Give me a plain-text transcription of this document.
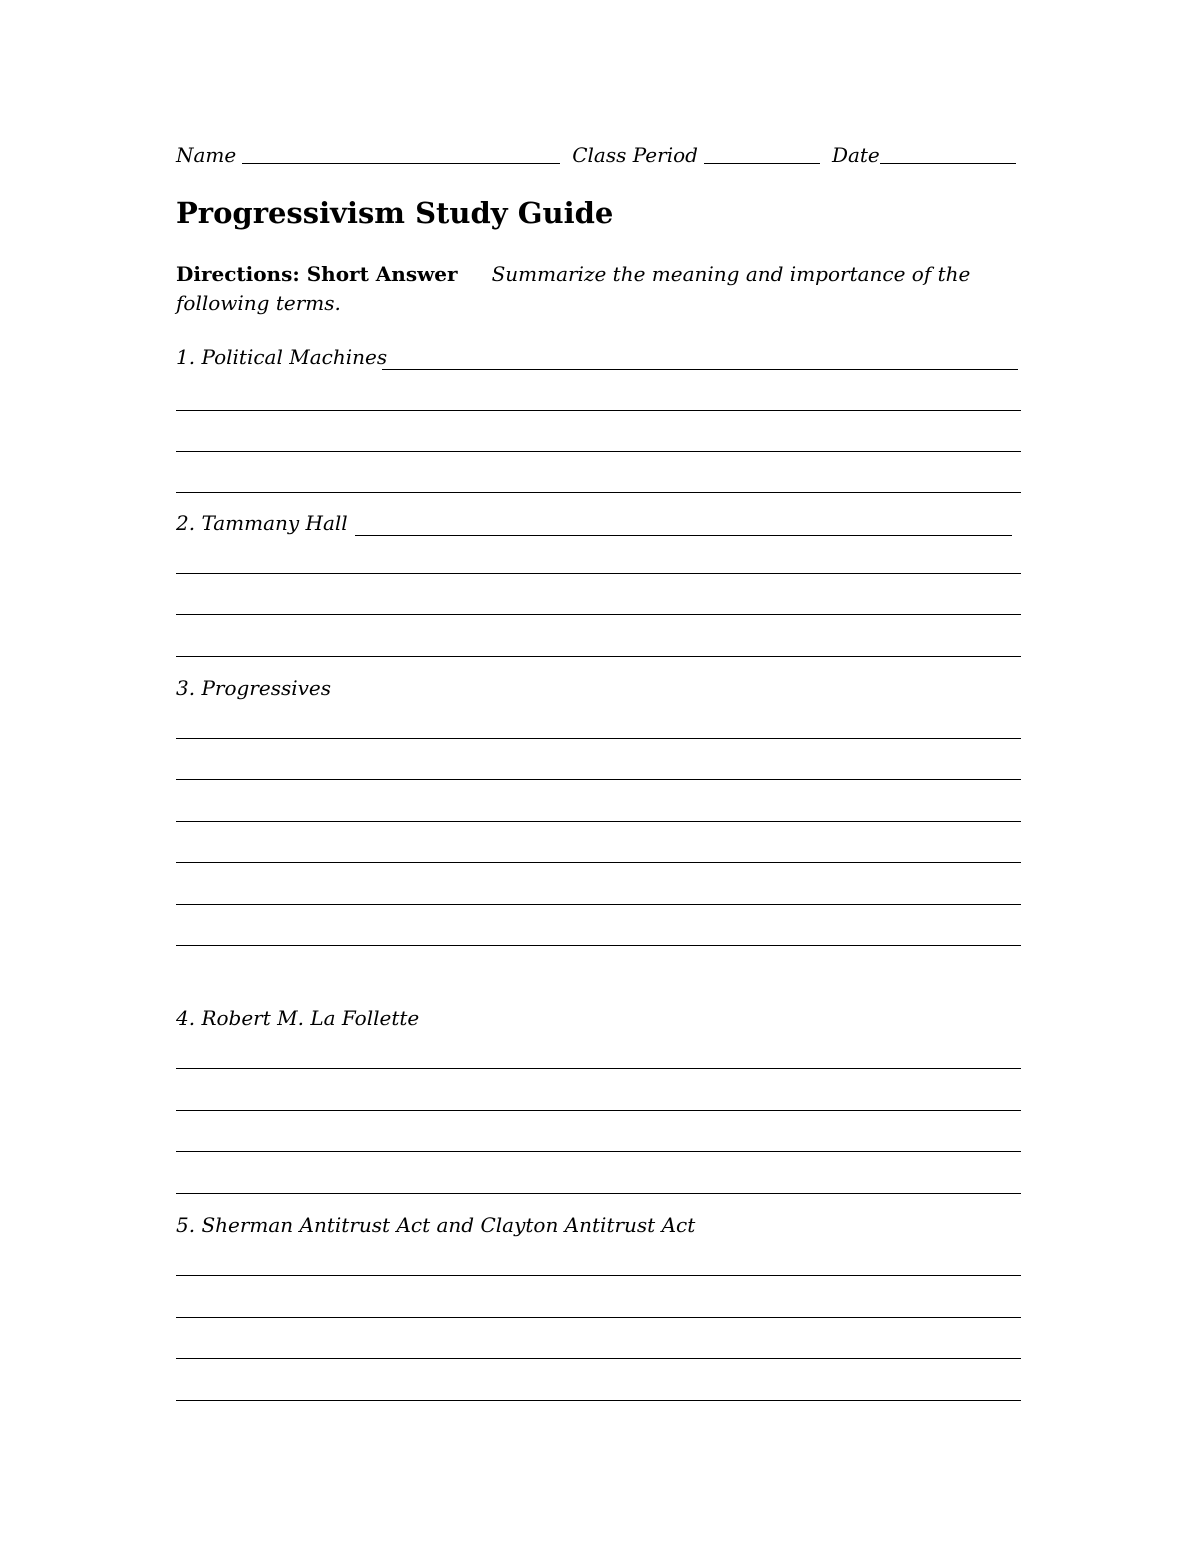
Name	Class Period	Date
Progressivism Study Guide
Directions: Short Answer Summarize the meaning and importance of the
following terms.
1. Political Machines
2. Tammany Hall
3. Progressives
4. Robert M. La Follette
5. Sherman Antitrust Act and Clayton Antitrust Act
